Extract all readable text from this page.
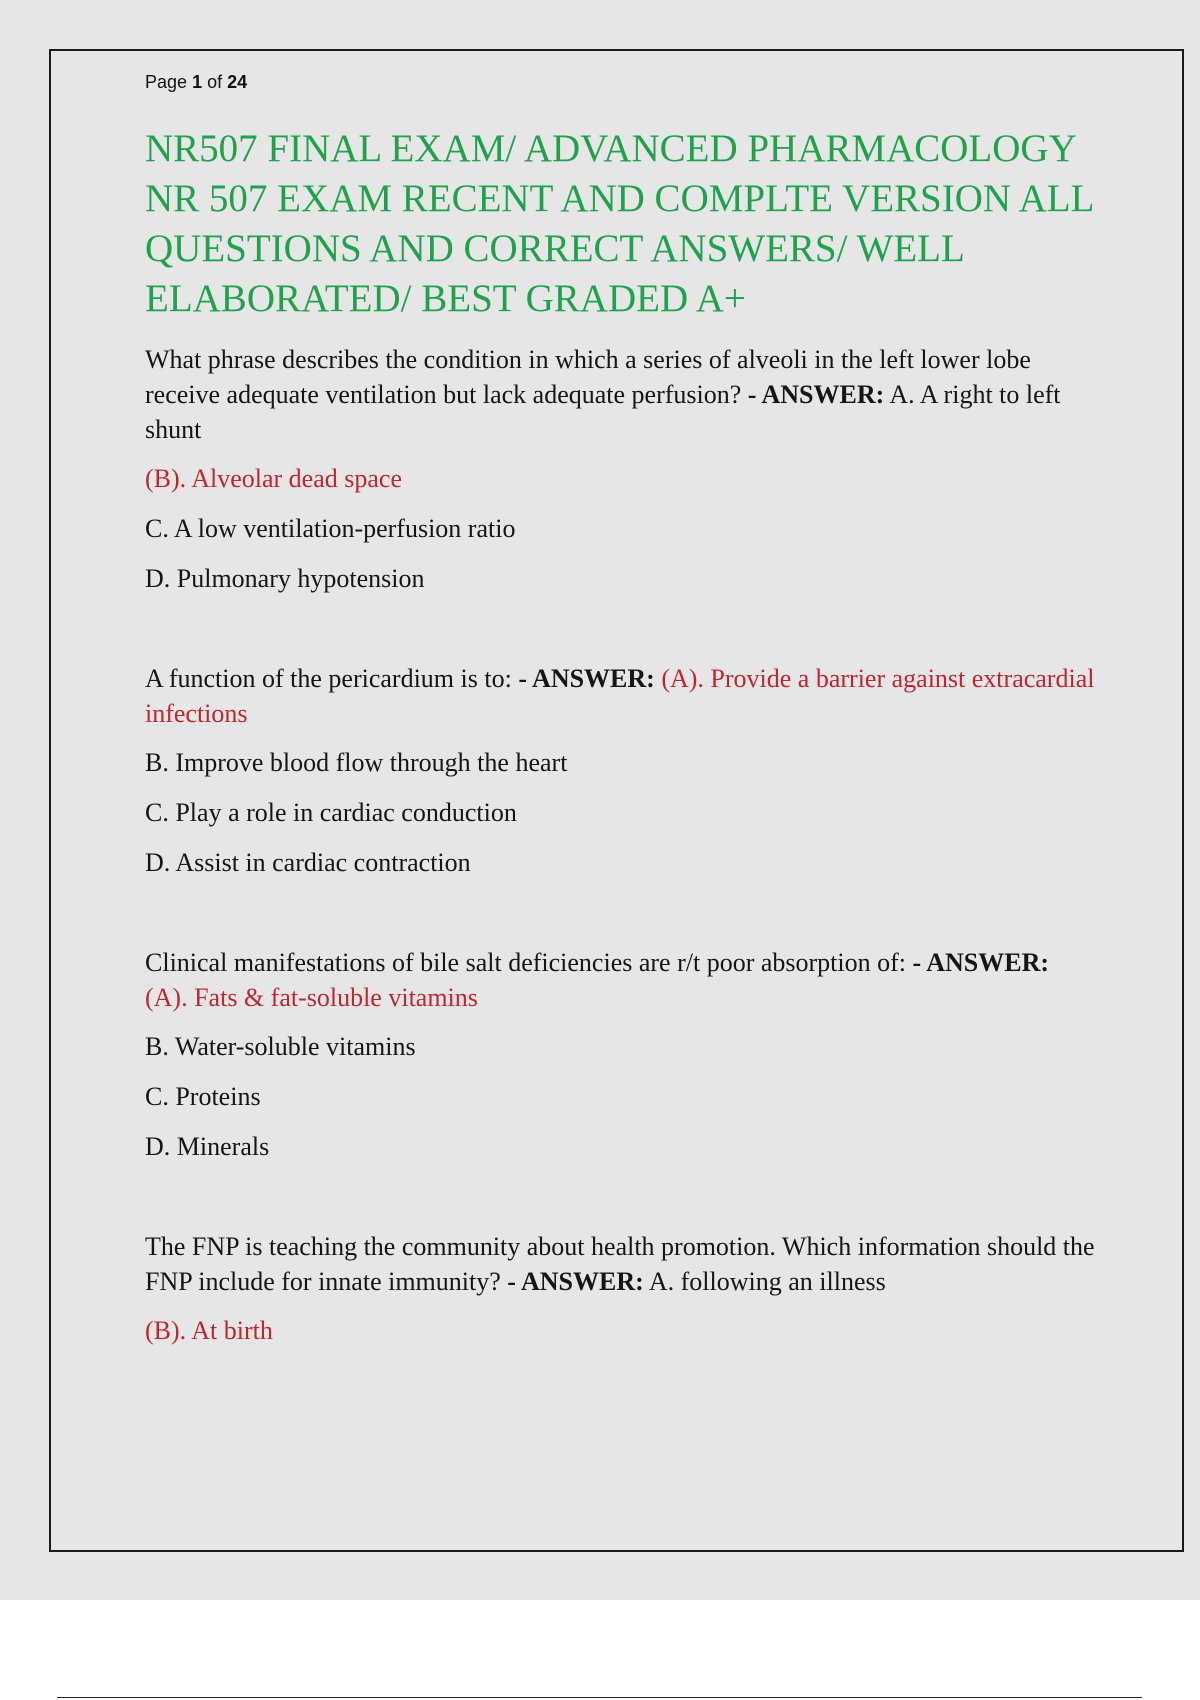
Page 1 of 24
NR507 FINAL EXAM/ ADVANCED PHARMACOLOGY NR 507 EXAM RECENT AND COMPLTE VERSION ALL QUESTIONS AND CORRECT ANSWERS/ WELL ELABORATED/ BEST GRADED A+

What phrase describes the condition in which a series of alveoli in the left lower lobe receive adequate ventilation but lack adequate perfusion? - ANSWER: A. A right to left shunt

(B). Alveolar dead space

C. A low ventilation-perfusion ratio

D. Pulmonary hypotension

A function of the pericardium is to: - ANSWER: (A). Provide a barrier against extracardial infections

B. Improve blood flow through the heart

C. Play a role in cardiac conduction

D. Assist in cardiac contraction

Clinical manifestations of bile salt deficiencies are r/t poor absorption of: - ANSWER: (A). Fats & fat-soluble vitamins

B. Water-soluble vitamins

C. Proteins

D. Minerals

The FNP is teaching the community about health promotion. Which information should the FNP include for innate immunity? - ANSWER: A. following an illness

(B). At birth
